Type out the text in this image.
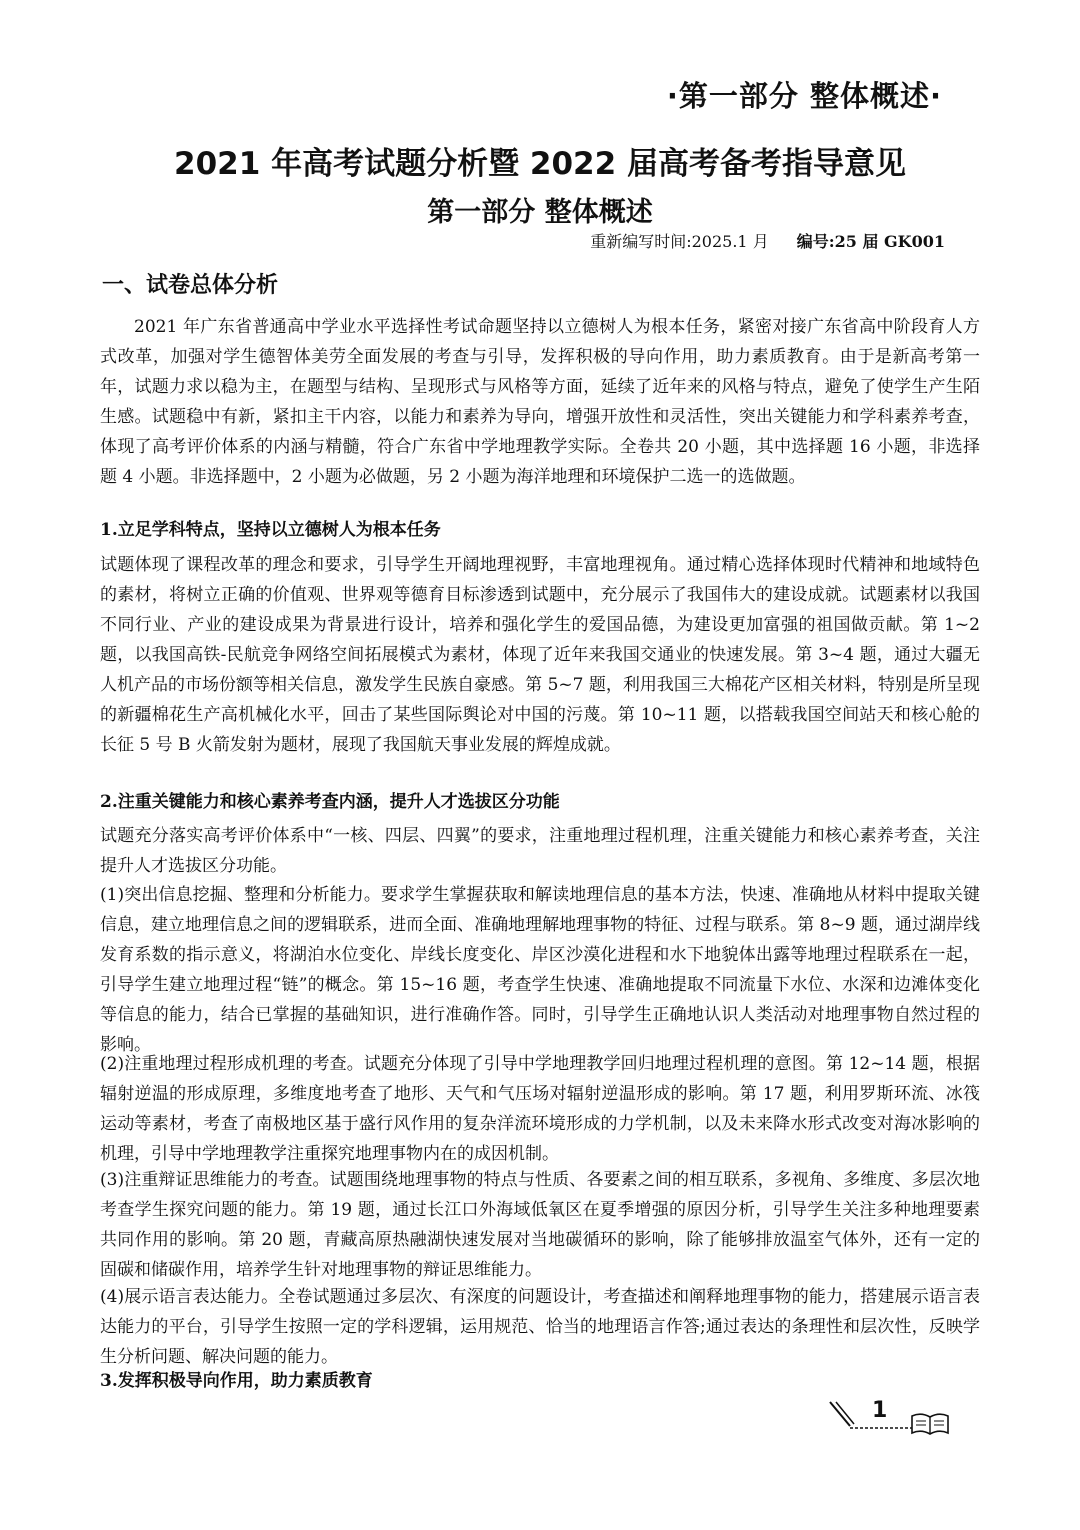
·第一部分 整体概述·
2021 年高考试题分析暨 2022 届高考备考指导意见
第一部分 整体概述
重新编写时间:2025.1 月 编号:25 届 GK001
一、试卷总体分析
2021 年广东省普通高中学业水平选择性考试命题坚持以立德树人为根本任务，紧密对接广东省高中阶段育人方式改革，加强对学生德智体美劳全面发展的考查与引导，发挥积极的导向作用，助力素质教育。由于是新高考第一年，试题力求以稳为主，在题型与结构、呈现形式与风格等方面，延续了近年来的风格与特点，避免了使学生产生陌生感。试题稳中有新，紧扣主干内容，以能力和素养为导向，增强开放性和灵活性，突出关键能力和学科素养考查，体现了高考评价体系的内涵与精髓，符合广东省中学地理教学实际。全卷共 20 小题，其中选择题 16 小题，非选择题 4 小题。非选择题中，2 小题为必做题，另 2 小题为海洋地理和环境保护二选一的选做题。
1.立足学科特点，坚持以立德树人为根本任务
试题体现了课程改革的理念和要求，引导学生开阔地理视野，丰富地理视角。通过精心选择体现时代精神和地域特色的素材，将树立正确的价值观、世界观等德育目标渗透到试题中，充分展示了我国伟大的建设成就。试题素材以我国不同行业、产业的建设成果为背景进行设计，培养和强化学生的爱国品德，为建设更加富强的祖国做贡献。第 1~2 题，以我国高铁-民航竞争网络空间拓展模式为素材，体现了近年来我国交通业的快速发展。第 3~4 题，通过大疆无人机产品的市场份额等相关信息，激发学生民族自豪感。第 5~7 题，利用我国三大棉花产区相关材料，特别是所呈现的新疆棉花生产高机械化水平，回击了某些国际舆论对中国的污蔑。第 10~11 题，以搭载我国空间站天和核心舱的长征 5 号 B 火箭发射为题材，展现了我国航天事业发展的辉煌成就。
2.注重关键能力和核心素养考查内涵，提升人才选拔区分功能
试题充分落实高考评价体系中“一核、四层、四翼”的要求，注重地理过程机理，注重关键能力和核心素养考查，关注提升人才选拔区分功能。
(1)突出信息挖掘、整理和分析能力。要求学生掌握获取和解读地理信息的基本方法，快速、准确地从材料中提取关键信息，建立地理信息之间的逻辑联系，进而全面、准确地理解地理事物的特征、过程与联系。第 8~9 题，通过湖岸线发育系数的指示意义，将湖泊水位变化、岸线长度变化、岸区沙漠化进程和水下地貌体出露等地理过程联系在一起，引导学生建立地理过程“链”的概念。第 15~16 题，考查学生快速、准确地提取不同流量下水位、水深和边滩体变化等信息的能力，结合已掌握的基础知识，进行准确作答。同时，引导学生正确地认识人类活动对地理事物自然过程的影响。
(2)注重地理过程形成机理的考查。试题充分体现了引导中学地理教学回归地理过程机理的意图。第 12~14 题，根据辐射逆温的形成原理，多维度地考查了地形、天气和气压场对辐射逆温形成的影响。第 17 题，利用罗斯环流、冰筏运动等素材，考查了南极地区基于盛行风作用的复杂洋流环境形成的力学机制，以及未来降水形式改变对海冰影响的机理，引导中学地理教学注重探究地理事物内在的成因机制。
(3)注重辩证思维能力的考查。试题围绕地理事物的特点与性质、各要素之间的相互联系，多视角、多维度、多层次地考查学生探究问题的能力。第 19 题，通过长江口外海域低氧区在夏季增强的原因分析，引导学生关注多种地理要素共同作用的影响。第 20 题，青藏高原热融湖快速发展对当地碳循环的影响，除了能够排放温室气体外，还有一定的固碳和储碳作用，培养学生针对地理事物的辩证思维能力。
(4)展示语言表达能力。全卷试题通过多层次、有深度的问题设计，考查描述和阐释地理事物的能力，搭建展示语言表达能力的平台，引导学生按照一定的学科逻辑，运用规范、恰当的地理语言作答;通过表达的条理性和层次性，反映学生分析问题、解决问题的能力。
3.发挥积极导向作用，助力素质教育
1
